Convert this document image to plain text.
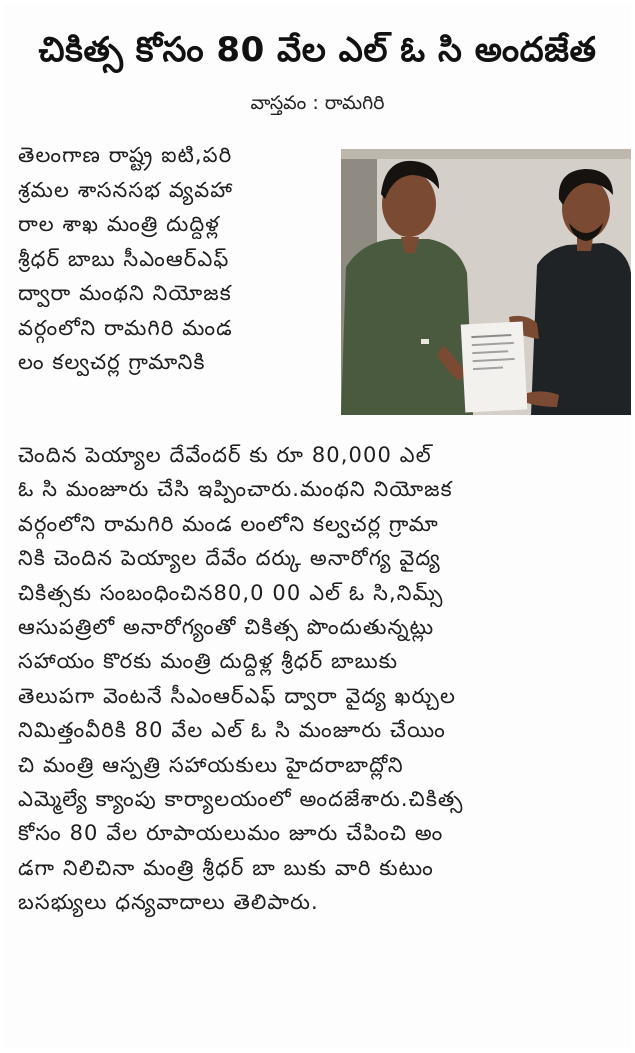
చికిత్స కోసం 80 వేల ఎల్ ఓ సి అందజేత
వాస్తవం : రామగిరి
తెలంగాణ రాష్ట్ర ఐటి,పరి
శ్రమల శాసనసభ వ్యవహా
రాల శాఖ మంత్రి దుద్దిళ్ల
శ్రీధర్ బాబు సీఎంఆర్ఎఫ్
ద్వారా మంథని నియోజక
వర్గంలోని రామగిరి మండ
లం కల్వచర్ల గ్రామానికి
చెందిన పెయ్యాల దేవేందర్ కు రూ 80,000 ఎల్
ఓ సి మంజూరు చేసి ఇప్పించారు.మంథని నియోజక
వర్గంలోని రామగిరి మండ లంలోని కల్వచర్ల గ్రామా
నికి చెందిన పెయ్యాల దేవేం దర్కు అనారోగ్య వైద్య
చికిత్సకు సంబంధించిన80,0 00 ఎల్ ఓ సి,నిమ్స్
ఆసుపత్రిలో అనారోగ్యంతో చికిత్స పొందుతున్నట్లు
సహాయం కొరకు మంత్రి దుద్దిళ్ల శ్రీధర్ బాబుకు
తెలుపగా వెంటనే సీఎంఆర్ఎఫ్ ద్వారా వైద్య ఖర్చుల
నిమిత్తంవీరికి 80 వేల ఎల్ ఓ సి మంజూరు చేయిం
చి మంత్రి ఆస్పత్రి సహాయకులు హైదరాబాద్లోని
ఎమ్మెల్యే క్యాంపు కార్యాలయంలో అందజేశారు.చికిత్స
కోసం 80 వేల రూపాయలుమం జూరు చేపించి అం
డగా నిలిచినా మంత్రి శ్రీధర్ బా బుకు వారి కుటుం
బసభ్యులు ధన్యవాదాలు తెలిపారు.
